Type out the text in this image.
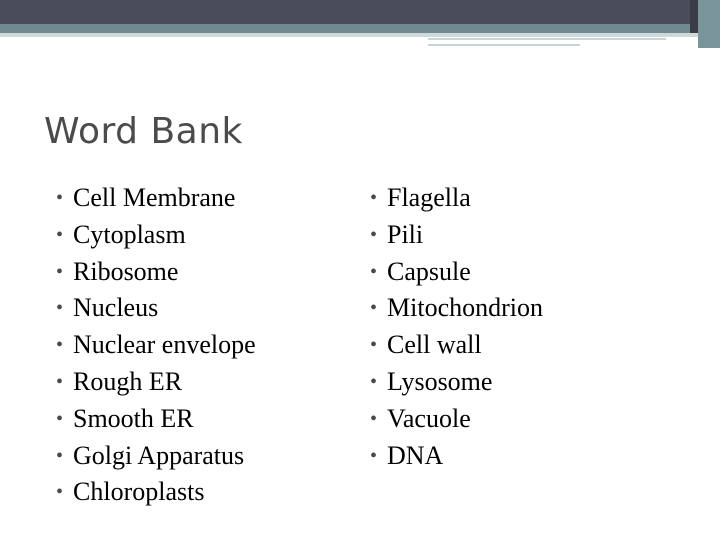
Word Bank
• Cell Membrane
• Cytoplasm
• Ribosome
• Nucleus
• Nuclear envelope
• Rough ER
• Smooth ER
• Golgi Apparatus
• Chloroplasts
• Flagella
• Pili
• Capsule
• Mitochondrion
• Cell wall
• Lysosome
• Vacuole
• DNA
